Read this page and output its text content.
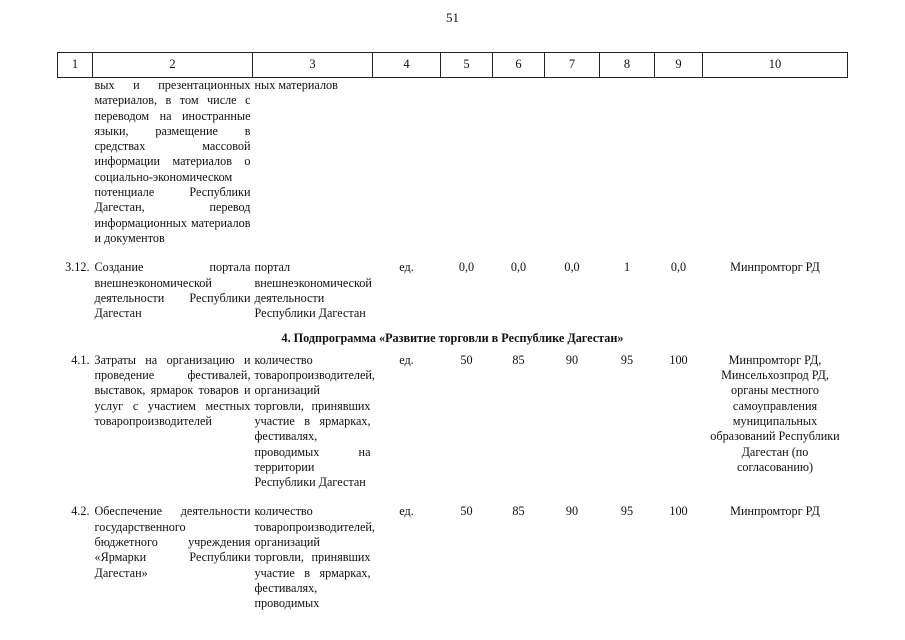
51
1	2	3	4	5	6	7	8	9	10
	вых и презентационных материалов, в том числе с переводом на иностранные языки, размещение в средствах массовой информации материалов о социально-экономическом потенциале Республики Дагестан, перевод информационных материалов и документов	ных материалов							
3.12.	Создание портала внешнеэкономической деятельности Республики Дагестан	портал внешнеэкономической деятельности Республики Дагестан	ед.	0,0	0,0	0,0	1	0,0	Минпромторг РД
4. Подпрограмма «Развитие торговли в Республике Дагестан»									
4.1.	Затраты на организацию и проведение фестивалей, выставок, ярмарок товаров и услуг с участием местных товаропроизводителей	количество товаропроизводителей, организаций торговли, принявших участие в ярмарках, фестивалях, проводимых на территории Республики Дагестан	ед.	50	85	90	95	100	Минпромторг РД, Минсельхозпрод РД, органы местного самоуправления муниципальных образований Республики Дагестан (по согласованию)
4.2.	Обеспечение деятельности государственного бюджетного учреждения «Ярмарки Республики Дагестан»	количество товаропроизводителей, организаций торговли, принявших участие в ярмарках, фестивалях, проводимых	ед.	50	85	90	95	100	Минпромторг РД
